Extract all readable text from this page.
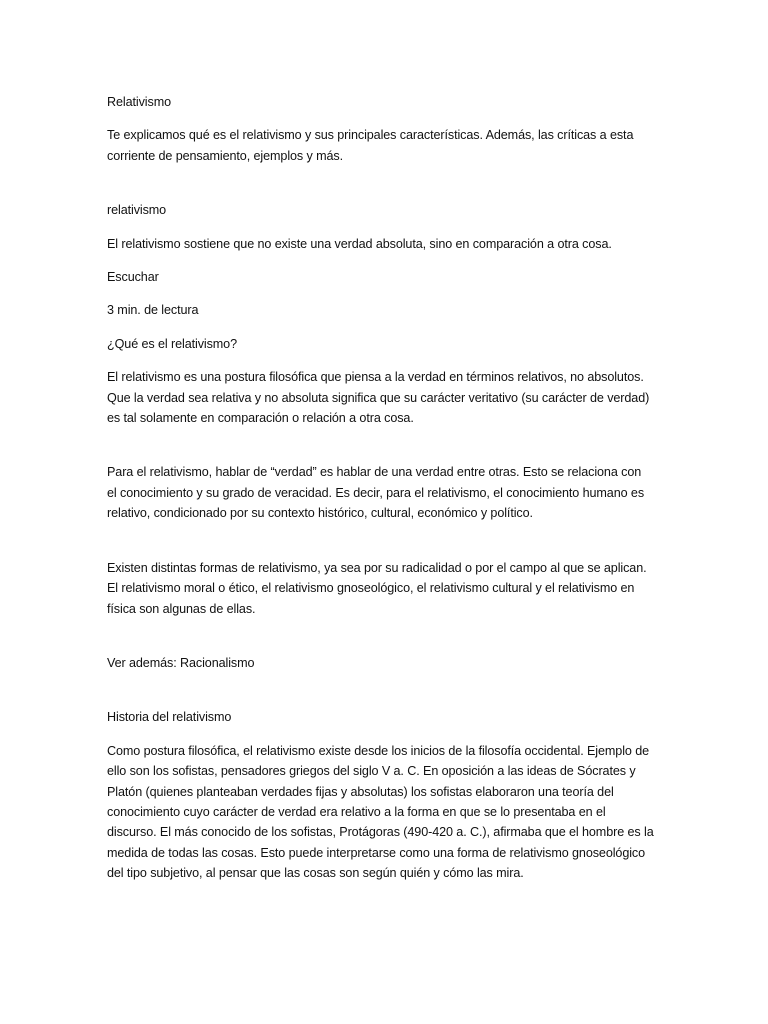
Relativismo

Te explicamos qué es el relativismo y sus principales características. Además, las críticas a esta
corriente de pensamiento, ejemplos y más.

relativismo

El relativismo sostiene que no existe una verdad absoluta, sino en comparación a otra cosa.

Escuchar

3 min. de lectura

¿Qué es el relativismo?

El relativismo es una postura filosófica que piensa a la verdad en términos relativos, no absolutos.
Que la verdad sea relativa y no absoluta significa que su carácter veritativo (su carácter de verdad)
es tal solamente en comparación o relación a otra cosa.

Para el relativismo, hablar de “verdad” es hablar de una verdad entre otras. Esto se relaciona con
el conocimiento y su grado de veracidad. Es decir, para el relativismo, el conocimiento humano es
relativo, condicionado por su contexto histórico, cultural, económico y político.

Existen distintas formas de relativismo, ya sea por su radicalidad o por el campo al que se aplican.
El relativismo moral o ético, el relativismo gnoseológico, el relativismo cultural y el relativismo en
física son algunas de ellas.

Ver además: Racionalismo

Historia del relativismo

Como postura filosófica, el relativismo existe desde los inicios de la filosofía occidental. Ejemplo de
ello son los sofistas, pensadores griegos del siglo V a. C. En oposición a las ideas de Sócrates y
Platón (quienes planteaban verdades fijas y absolutas) los sofistas elaboraron una teoría del
conocimiento cuyo carácter de verdad era relativo a la forma en que se lo presentaba en el
discurso. El más conocido de los sofistas, Protágoras (490-420 a. C.), afirmaba que el hombre es la
medida de todas las cosas. Esto puede interpretarse como una forma de relativismo gnoseológico
del tipo subjetivo, al pensar que las cosas son según quién y cómo las mira.
